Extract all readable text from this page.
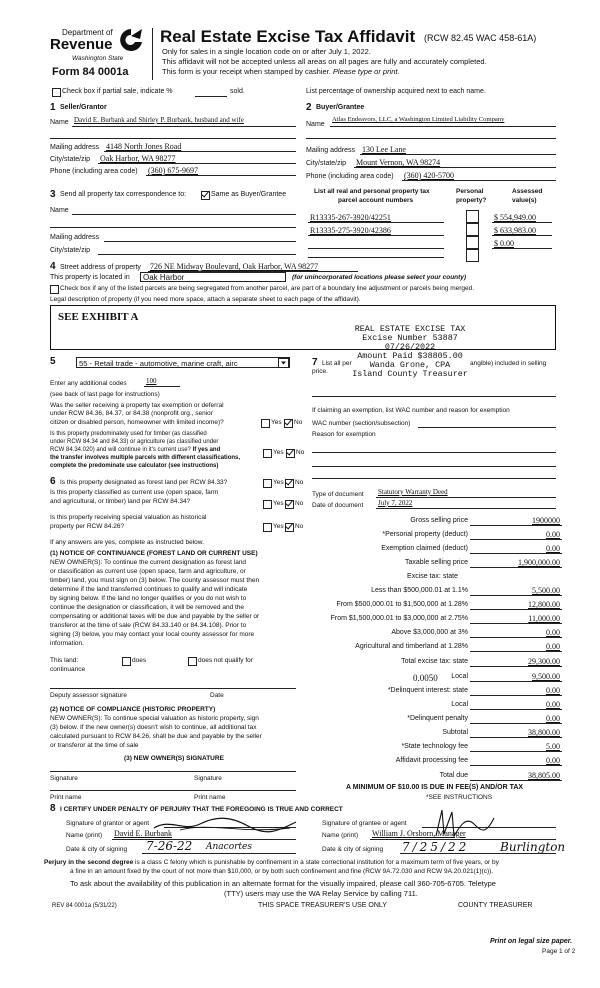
Department of
Revenue
Washington State
Form 84 0001a
Real Estate Excise Tax Affidavit (RCW 82.45 WAC 458-61A)
Only for sales in a single location code on or after July 1, 2022.
This affidavit will not be accepted unless all areas on all pages are fully and accurately completed.
This form is your receipt when stamped by cashier. Please type or print.
Check box if partial sale, indicate %	sold.	List percentage of ownership acquired next to each name.
1 Seller/Grantor
Name David E. Burbank and Shirley P. Burbank, husband and wife
Mailing address 4148 North Jones Road
City/state/zip Oak Harbor, WA 98277
Phone (including area code) (360) 675-9697
2 Buyer/Grantee
Name
Atlas Endeavors, LLC, a Washington Limited Liability Company
Mailing address 130 Lee Lane
City/state/zip Mount Vernon, WA 98274
Phone (including area code) (360) 420-5700
3 Send all property tax correspondence to:	Same as Buyer/Grantee
Name
Mailing address
City/state/zip
List all real and personal property tax
parcel account numbers
Personal
property?
Assessed
value(s)
R13335-267-3920/42251	$ 554,949.00
R13335-275-3920/42386	$ 633,983.00
$ 0.00
4 Street address of property 726 NE Midway Boulevard, Oak Harbor, WA 98277
This property is located in	Oak Harbor	(for unincorporated locations please select your county)
Check box if any of the listed parcels are being segregated from another parcel, are part of a boundary line adjustment or parcels being merged.
Legal description of property (if you need more space, attach a separate sheet to each page of the affidavit).
SEE EXHIBIT A
REAL ESTATE EXCISE TAX
Excise Number 53887
07/26/2022
Amount Paid $38805.00
Wanda Grone, CPA
Island County Treasurer
5	55 - Retail trade - automotive, marine craft, airc
Enter any additional codes	100
(see back of last page for instructions)
Was the seller receiving a property tax exemption or deferral
under RCW 84.36, 84.37, or 84.38 (nonprofit org., senior
citizen or disabled person, homeowner with limited income)?	Yes No
Is this property predominately used for timber (as classified
under RCW 84.34 and 84.33) or agriculture (as classified under
RCW 84.34.020) and will continue in it's current use? If yes and
the transfer involves multiple parcels with different classifications,
complete the predominate use calculator (see instructions)
Yes No
7 List all per	angible) included in selling
price.
If claiming an exemption, list WAC number and reason for exemption
WAC number (section/subsection)
Reason for exemption
6 Is this property designated as forest land per RCW 84.33?	Yes No
Is this property classified as current use (open space, farm
and agricultural, or timber) land per RCW 84.34?	Yes No
Is this property receiving special valuation as historical
property per RCW 84.26?	Yes No
If any answers are yes, complete as instructed below.
(1) NOTICE OF CONTINUANCE (FOREST LAND OR CURRENT USE)
NEW OWNER(S): To continue the current designation as forest land
or classification as current use (open space, farm and agriculture, or
timber) land, you must sign on (3) below. The county assessor must then
determine if the land transferred continues to qualify and will indicate
by signing below. If the land no longer qualifies or you do not wish to
continue the designation or classification, it will be removed and the
compensating or additional taxes will be due and payable by the seller or
transferor at the time of sale (RCW 84.33.140 or 84.34.108). Prior to
signing (3) below, you may contact your local county assessor for more
information.
This land:	does	does not qualify for
continuance
Deputy assessor signature	Date
(2) NOTICE OF COMPLIANCE (HISTORIC PROPERTY)
NEW OWNER(S): To continue special valuation as historic property, sign
(3) below. If the new owner(s) doesn't wish to continue, all additional tax
calculated pursuant to RCW 84.26, shall be due and payable by the seller
or transferor at the time of sale
(3) NEW OWNER(S) SIGNATURE
Signature	Signature
Print name	Print name
Type of document Statutory Warranty Deed
Date of document July 7, 2022
Gross selling price	1900000
*Personal property (deduct)	0.00
Exemption claimed (deduct)	0.00
Taxable selling price	1,900,000.00
Excise tax: state
Less than $500,000.01 at 1.1%	5,500.00
From $500,000.01 to $1,500,000 at 1.28%	12,800.00
From $1,500,000.01 to $3,000,000 at 2.75%	11,000.00
Above $3,000,000 at 3%	0.00
Agricultural and timberland at 1.28%	0.00
Total excise tax: state	29,300.00
Local	9,500.00
*Delinquent interest: state	0.00
Local	0.00
*Delinquent penalty	0.00
Subtotal	38,800.00
*State technology fee	5.00
Affidavit processing fee	0.00
Total due	38,805.00
0.0050
A MINIMUM OF $10.00 IS DUE IN FEE(S) AND/OR TAX
*SEE INSTRUCTIONS
8 I CERTIFY UNDER PENALTY OF PERJURY THAT THE FOREGOING IS TRUE AND CORRECT
Signature of grantor or agent
Name (print) David E. Burbank
Date & city of signing 7-26-22 Anacortes
Signature of grantee or agent
Name (print) William J. Orsborn, Manager
Date & city of signing 7/25/22	Burlington
Perjury in the second degree is a class C felony which is punishable by confinement in a state correctional institution for a maximum term of five years, or by
a fine in an amount fixed by the court of not more than $10,000, or by both such confinement and fine (RCW 9A.72.030 and RCW 9A.20.021(1)(c)).
To ask about the availability of this publication in an alternate format for the visually impaired, please call 360-705-6705. Teletype
(TTY) users may use the WA Relay Service by calling 711.
REV 84 0001a (5/31/22)	THIS SPACE TREASURER'S USE ONLY	COUNTY TREASURER
Print on legal size paper.
Page 1 of 2
